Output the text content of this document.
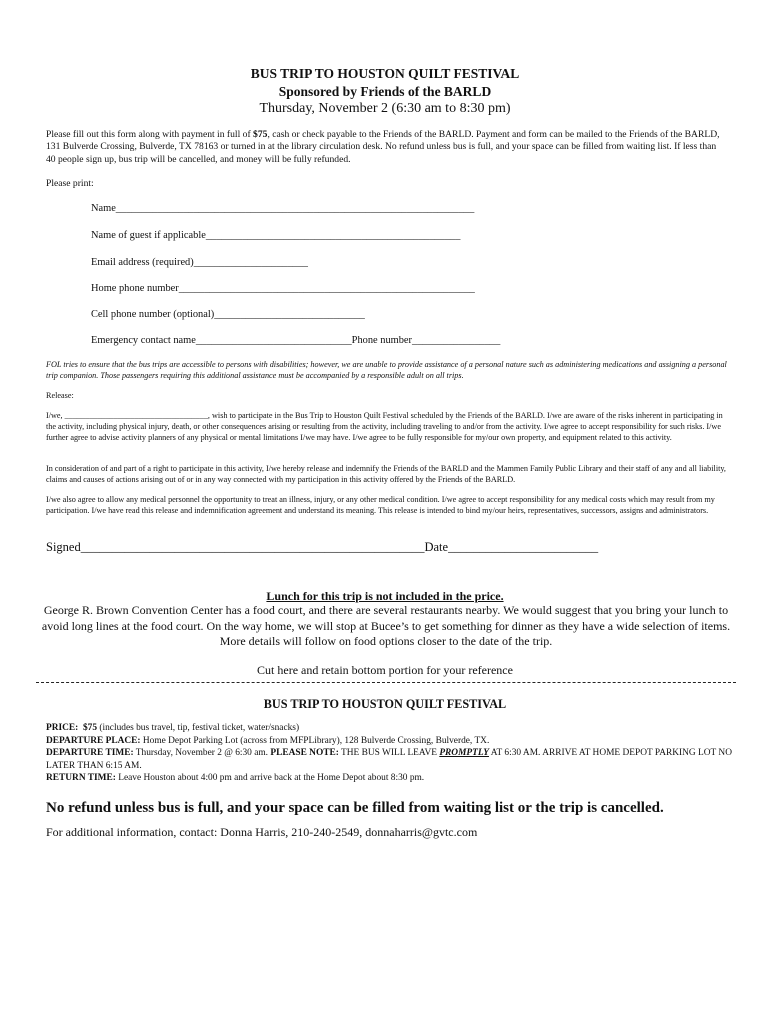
BUS TRIP TO HOUSTON QUILT FESTIVAL
Sponsored by Friends of the BARLD
Thursday, November 2 (6:30 am to 8:30 pm)
Please fill out this form along with payment in full of $75, cash or check payable to the Friends of the BARLD. Payment and form can be mailed to the Friends of the BARLD, 131 Bulverde Crossing, Bulverde, TX 78163 or turned in at the library circulation desk. No refund unless bus is full, and your space can be filled from waiting list. If less than 40 people sign up, bus trip will be cancelled, and money will be fully refunded.
Please print:
Name_____________________________________________________________________
Name of guest if applicable_________________________________________________
Email address (required)______________________
Home phone number_________________________________________________________
Cell phone number (optional)_____________________________
Emergency contact name______________________________Phone number_________________
FOL tries to ensure that the bus trips are accessible to persons with disabilities; however, we are unable to provide assistance of a personal nature such as administering medications and assigning a personal trip companion. Those passengers requiring this additional assistance must be accompanied by a responsible adult on all trips.
Release:
I/we, ___________________________________, wish to participate in the Bus Trip to Houston Quilt Festival scheduled by the Friends of the BARLD. I/we are aware of the risks inherent in participating in the activity, including physical injury, death, or other consequences arising or resulting from the activity, including traveling to and/or from the activity. I/we agree to accept responsibility for such risks. I/we further agree to advise activity planners of any physical or mental limitations I/we may have. I/we agree to be fully responsible for my/our own property, and equipment related to this activity.
In consideration of and part of a right to participate in this activity, I/we hereby release and indemnify the Friends of the BARLD and the Mammen Family Public Library and their staff of any and all liability, claims and causes of actions arising out of or in any way connected with my participation in this activity offered by the Friends of the BARLD.
I/we also agree to allow any medical personnel the opportunity to treat an illness, injury, or any other medical condition. I/we agree to accept responsibility for any medical costs which may result from my participation. I/we have read this release and indemnification agreement and understand its meaning. This release is intended to bind my/our heirs, representatives, successors, assigns and administrators.
Signed_______________________________________________________Date________________________
Lunch for this trip is not included in the price.
George R. Brown Convention Center has a food court, and there are several restaurants nearby. We would suggest that you bring your lunch to avoid long lines at the food court. On the way home, we will stop at Bucee’s to get something for dinner as they have a wide selection of items. More details will follow on food options closer to the date of the trip.
Cut here and retain bottom portion for your reference
BUS TRIP TO HOUSTON QUILT FESTIVAL
PRICE: $75 (includes bus travel, tip, festival ticket, water/snacks)
DEPARTURE PLACE: Home Depot Parking Lot (across from MFPLibrary), 128 Bulverde Crossing, Bulverde, TX.
DEPARTURE TIME: Thursday, November 2 @ 6:30 am. PLEASE NOTE: THE BUS WILL LEAVE PROMPTLY AT 6:30 AM. ARRIVE AT HOME DEPOT PARKING LOT NO LATER THAN 6:15 AM.
RETURN TIME: Leave Houston about 4:00 pm and arrive back at the Home Depot about 8:30 pm.
No refund unless bus is full, and your space can be filled from waiting list or the trip is cancelled.
For additional information, contact: Donna Harris, 210-240-2549, donnaharris@gvtc.com
